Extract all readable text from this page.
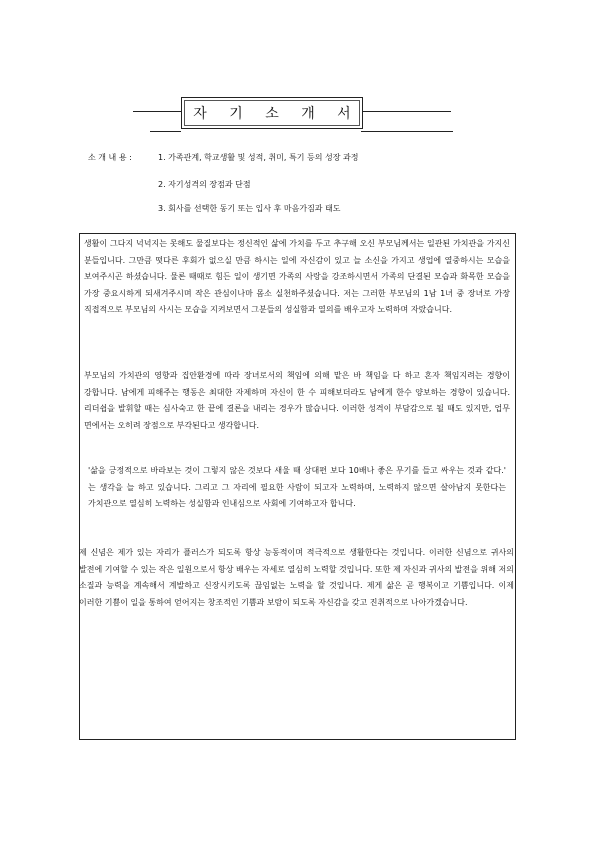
자 기 소 개 서
소 개 내 용 :	1. 가족관계, 학교생활 및 성적, 취미, 특기 등의 성장 과정
2. 자기성격의 장점과 단점
3. 회사를 선택한 동기 또는 입사 후 마음가짐과 태도
생활이 그다지 넉넉지는 못해도 물질보다는 정신적인 삶에 가치를 두고 추구해 오신 부모님께서는 일관된 가치관을 가지신 분들입니다. 그만큼 떳다른 후회가 없으실 만큼 하시는 일에 자신감이 있고 늘 소신을 가지고 생업에 열중하시는 모습을 보여주시곤 하셨습니다. 물론 때때로 힘든 일이 생기면 가족의 사랑을 강조하시면서 가족의 단결된 모습과 화목한 모습을 가장 중요시하게 되새겨주시며 작은 관심이나마 몸소 실천하주셨습니다. 저는 그러한 부모님의 1남 1녀 중 장녀로 가장 직접적으로 부모님의 사시는 모습을 지켜보면서 그분들의 성실함과 열의를 배우고자 노력하며 자랐습니다.
부모님의 가치관의 영향과 집안환경에 따라 장녀로서의 책임에 의해 맡은 바 책임을 다 하고 혼자 책임지려는 경향이 강합니다. 남에게 피해주는 행동은 최대한 자제하며 자신이 한 수 피해보더라도 남에게 한수 양보하는 경향이 있습니다. 리더쉽을 발휘할 때는 심사숙고 한 끝에 결론을 내리는 경우가 많습니다. 이러한 성격이 부담감으로 될 때도 있지만, 업무 면에서는 오히려 장점으로 부각된다고 생각합니다.
'삶을 긍정적으로 바라보는 것이 그렇지 않은 것보다 새울 때 상대편 보다 10배나 좋은 무기를 들고 싸우는 것과 같다.' 는 생각을 늘 하고 있습니다. 그리고 그 자리에 필요한 사람이 되고자 노력하며, 노력하지 않으면 살아남지 못한다는 가치관으로 열심히 노력하는 성실함과 인내심으로 사회에 기여하고자 합니다.
제 신념은 제가 있는 자리가 플러스가 되도록 항상 능동적이며 적극적으로 생활한다는 것입니다. 이러한 신념으로 귀사의 발전에 기여할 수 있는 작은 일원으로서 항상 배우는 자세로 열심히 노력할 것입니다. 또한 제 자신과 귀사의 발전을 위해 저의 소질과 능력을 계속해서 계발하고 신장시키도록 끊임없는 노력을 할 것입니다. 제게 삶은 곧 행복이고 기쁨입니다. 이제 이러한 기쁨이 일을 통하여 얻어지는 창조적인 기쁨과 보람이 되도록 자신감을 갖고 진취적으로 나아가겠습니다.
